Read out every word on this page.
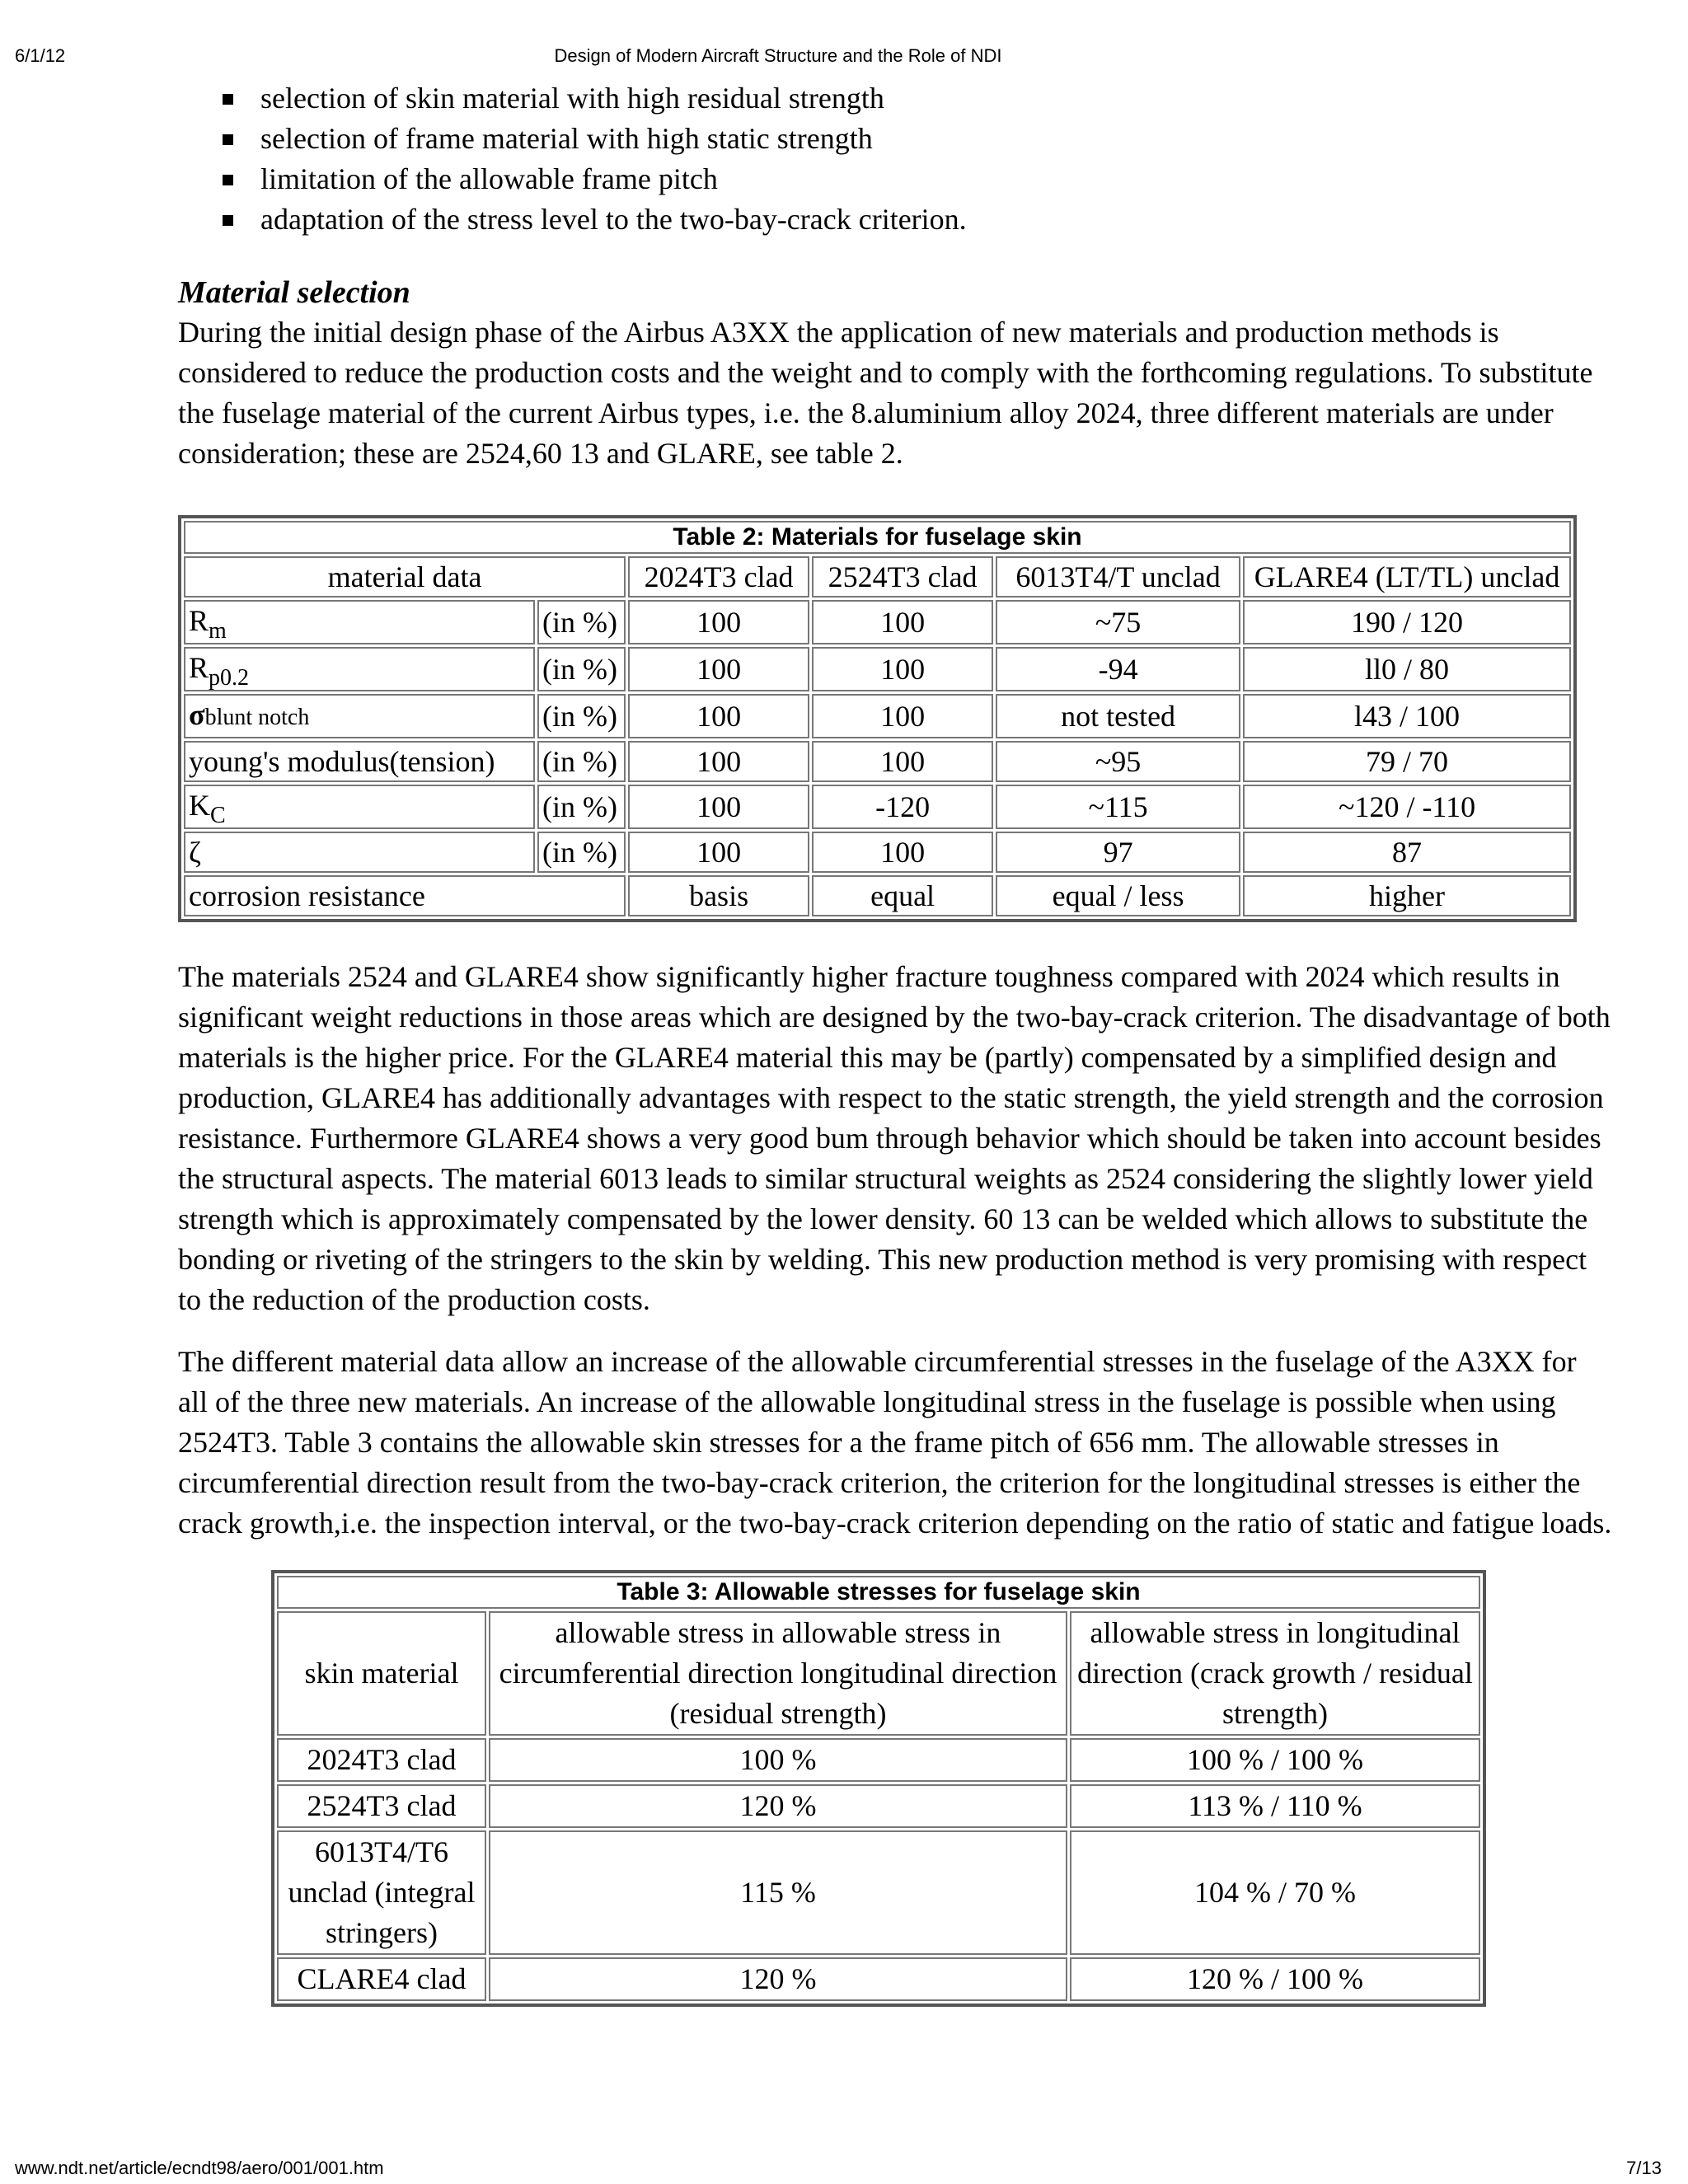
6/1/12	Design of Modern Aircraft Structure and the Role of NDI
selection of skin material with high residual strength
selection of frame material with high static strength
limitation of the allowable frame pitch
adaptation of the stress level to the two-bay-crack criterion.
Material selection

During the initial design phase of the Airbus A3XX the application of new materials and production methods is considered to reduce the production costs and the weight and to comply with the forthcoming regulations. To substitute the fuselage material of the current Airbus types, i.e. the 8.aluminium alloy 2024, three different materials are under consideration; these are 2524,60 13 and GLARE, see table 2.

Table 2: Materials for fuselage skin					
material data		2024T3 clad	2524T3 clad	6013T4/T unclad	GLARE4 (LT/TL) unclad
$R_m$	(in %)	100	100	~75	190 / 120
$R_{p0.2}$	(in %)	100	100	-94	ll0 / 80
σblunt notch	(in %)	100	100	not tested	l43 / 100
young's modulus(tension)	(in %)	100	100	~95	79 / 70
$K_C$	(in %)	100	-120	~115	~120 / -110
ζ	(in %)	100	100	97	87
corrosion resistance		basis	equal	equal / less	higher

The materials 2524 and GLARE4 show significantly higher fracture toughness compared with 2024 which results in significant weight reductions in those areas which are designed by the two-bay-crack criterion. The disadvantage of both materials is the higher price. For the GLARE4 material this may be (partly) compensated by a simplified design and production, GLARE4 has additionally advantages with respect to the static strength, the yield strength and the corrosion resistance. Furthermore GLARE4 shows a very good bum through behavior which should be taken into account besides the structural aspects. The material 6013 leads to similar structural weights as 2524 considering the slightly lower yield strength which is approximately compensated by the lower density. 60 13 can be welded which allows to substitute the bonding or riveting of the stringers to the skin by welding. This new production method is very promising with respect to the reduction of the production costs.

The different material data allow an increase of the allowable circumferential stresses in the fuselage of the A3XX for all of the three new materials. An increase of the allowable longitudinal stress in the fuselage is possible when using 2524T3. Table 3 contains the allowable skin stresses for a the frame pitch of 656 mm. The allowable stresses in circumferential direction result from the two-bay-crack criterion, the criterion for the longitudinal stresses is either the crack growth,i.e. the inspection interval, or the two-bay-crack criterion depending on the ratio of static and fatigue loads.

Table 3: Allowable stresses for fuselage skin		
skin material	allowable stress in allowable stress in circumferential direction longitudinal direction (residual strength)	allowable stress in longitudinal direction (crack growth / residual strength)
2024T3 clad	100 %	100 % / 100 %
2524T3 clad	120 %	113 % / 110 %
6013T4/T6 unclad (integral stringers)	115 %	104 % / 70 %
CLARE4 clad	120 %	120 % / 100 %
www.ndt.net/article/ecndt98/aero/001/001.htm	7/13
